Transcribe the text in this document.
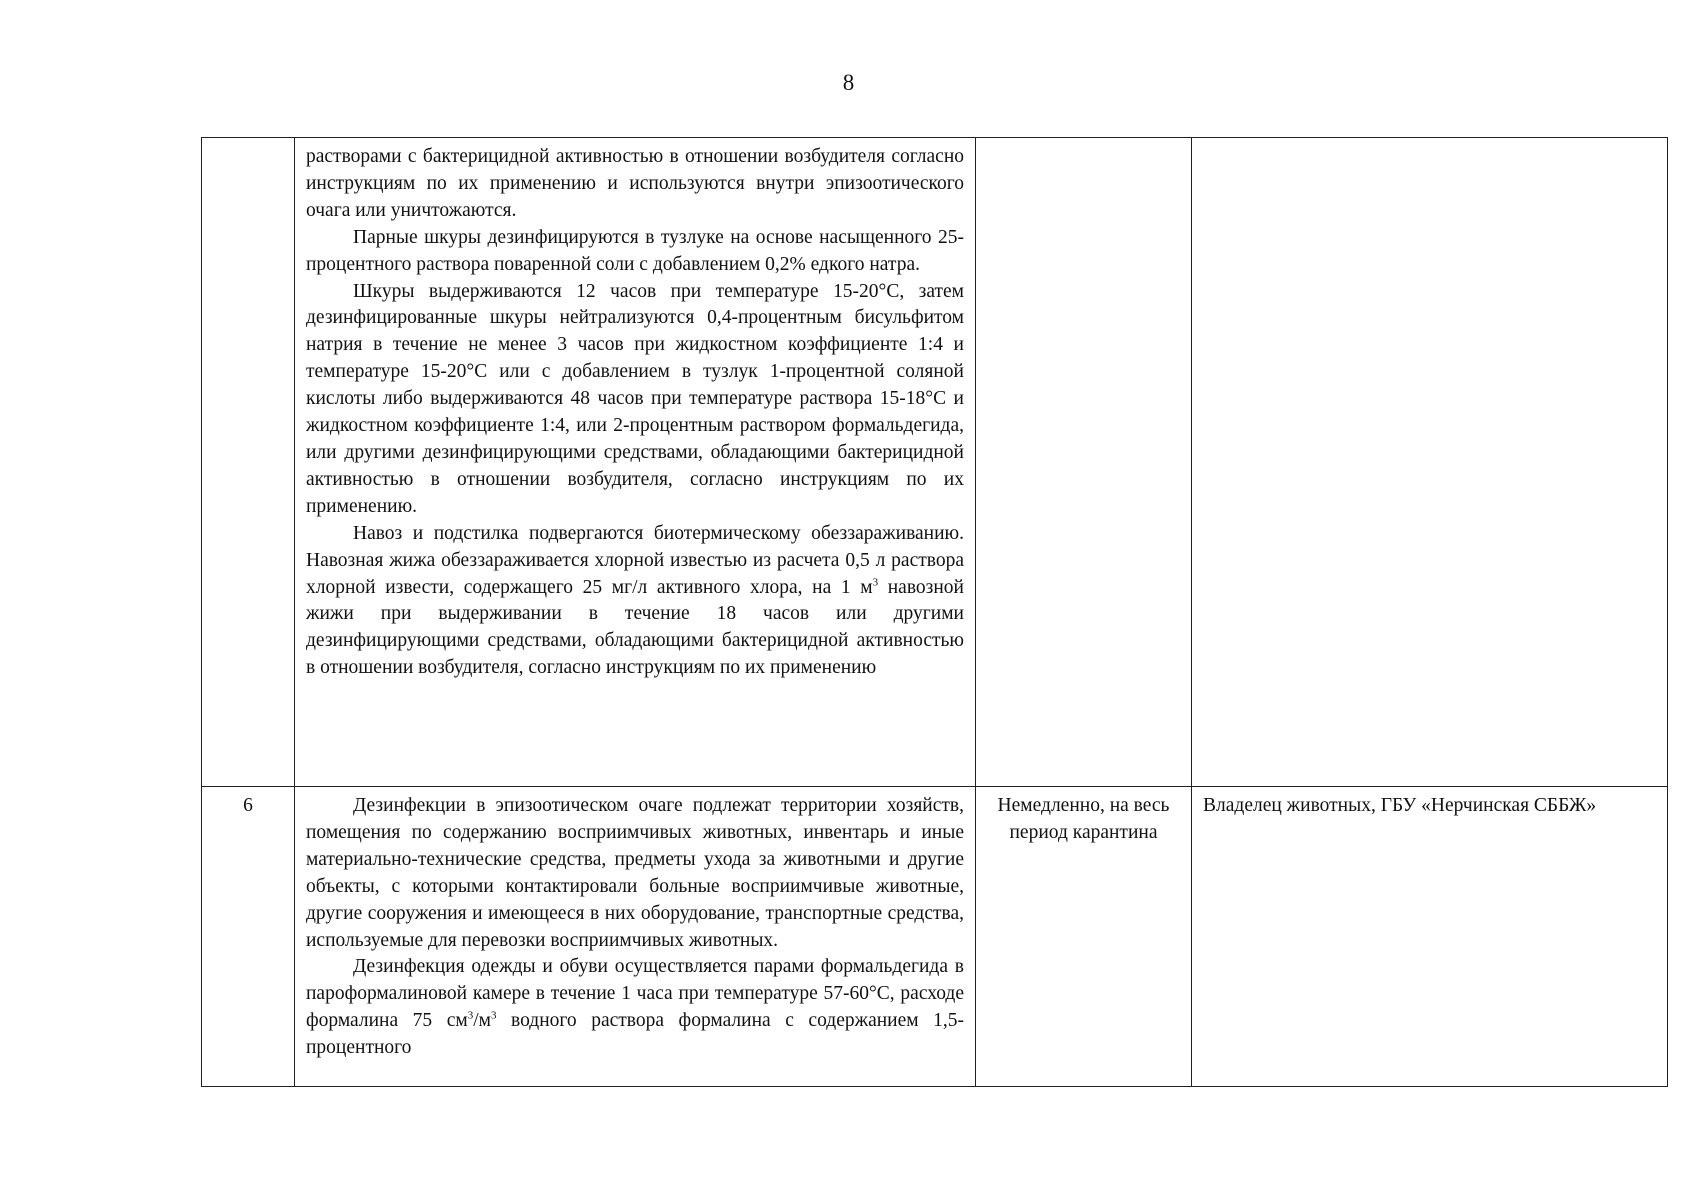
8

	растворами с бактерицидной активностью в отношении возбудителя согласно инструкциям по их применению и используются внутри эпизоотического очага или уничтожаются.

Парные шкуры дезинфицируются в тузлуке на основе насыщенного 25-процентного раствора поваренной соли с добавлением 0,2% едкого натра.

Шкуры выдерживаются 12 часов при температуре 15-20°С, затем дезинфицированные шкуры нейтрализуются 0,4-процентным бисульфитом натрия в течение не менее 3 часов при жидкостном коэффициенте 1:4 и температуре 15-20°С или с добавлением в тузлук 1-процентной соляной кислоты либо выдерживаются 48 часов при температуре раствора 15-18°С и жидкостном коэффициенте 1:4, или 2-процентным раствором формальдегида, или другими дезинфицирующими средствами, обладающими бактерицидной активностью в отношении возбудителя, согласно инструкциям по их применению.

Навоз и подстилка подвергаются биотермическому обеззараживанию. Навозная жижа обеззараживается хлорной известью из расчета 0,5 л раствора хлорной извести, содержащего 25 мг/л активного хлора, на 1 $м^3$ навозной жижи при выдерживании в течение 18 часов или другими дезинфицирующими средствами, обладающими бактерицидной активностью в отношении возбудителя, согласно инструкциям по их применению		

6	Дезинфекции в эпизоотическом очаге подлежат территории хозяйств, помещения по содержанию восприимчивых животных, инвентарь и иные материально-технические средства, предметы ухода за животными и другие объекты, с которыми контактировали больные восприимчивые животные, другие сооружения и имеющееся в них оборудование, транспортные средства, используемые для перевозки восприимчивых животных.

Дезинфекция одежды и обуви осуществляется парами формальдегида в пароформалиновой камере в течение 1 часа при температуре 57-60°С, расходе формалина 75 $см^3/м^3$ водного раствора формалина с содержанием 1,5-процентного	Немедленно, на весь период карантина	Владелец животных, ГБУ «Нерчинская СББЖ»
